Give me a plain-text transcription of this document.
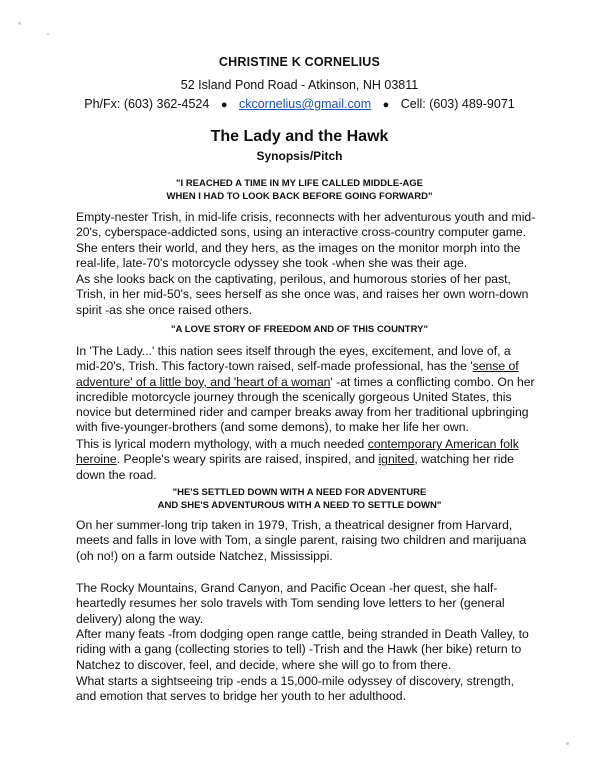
CHRISTINE K CORNELIUS
52 Island Pond Road - Atkinson, NH 03811
Ph/Fx: (603) 362-4524 ● ckcornelius@gmail.com ● Cell: (603) 489-9071
The Lady and the Hawk
Synopsis/Pitch
"I REACHED A TIME IN MY LIFE CALLED MIDDLE-AGE
WHEN I HAD TO LOOK BACK BEFORE GOING FORWARD"

Empty-nester Trish, in mid-life crisis, reconnects with her adventurous youth and mid-20's, cyberspace-addicted sons, using an interactive cross-country computer game. She enters their world, and they hers, as the images on the monitor morph into the real-life, late-70's motorcycle odyssey she took -when she was their age.

As she looks back on the captivating, perilous, and humorous stories of her past, Trish, in her mid-50's, sees herself as she once was, and raises her own worn-down spirit -as she once raised others.

"A LOVE STORY OF FREEDOM AND OF THIS COUNTRY"

In 'The Lady...' this nation sees itself through the eyes, excitement, and love of, a mid-20's, Trish. This factory-town raised, self-made professional, has the 'sense of adventure' of a little boy, and 'heart of a woman' -at times a conflicting combo. On her incredible motorcycle journey through the scenically gorgeous United States, this novice but determined rider and camper breaks away from her traditional upbringing with five-younger-brothers (and some demons), to make her life her own.

This is lyrical modern mythology, with a much needed contemporary American folk heroine. People's weary spirits are raised, inspired, and ignited, watching her ride down the road.

"HE'S SETTLED DOWN WITH A NEED FOR ADVENTURE
AND SHE'S ADVENTUROUS WITH A NEED TO SETTLE DOWN"

On her summer-long trip taken in 1979, Trish, a theatrical designer from Harvard, meets and falls in love with Tom, a single parent, raising two children and marijuana (oh no!) on a farm outside Natchez, Mississippi.

The Rocky Mountains, Grand Canyon, and Pacific Ocean -her quest, she half-heartedly resumes her solo travels with Tom sending love letters to her (general delivery) along the way.

After many feats -from dodging open range cattle, being stranded in Death Valley, to riding with a gang (collecting stories to tell) -Trish and the Hawk (her bike) return to Natchez to discover, feel, and decide, where she will go to from there.

What starts a sightseeing trip -ends a 15,000-mile odyssey of discovery, strength, and emotion that serves to bridge her youth to her adulthood.
